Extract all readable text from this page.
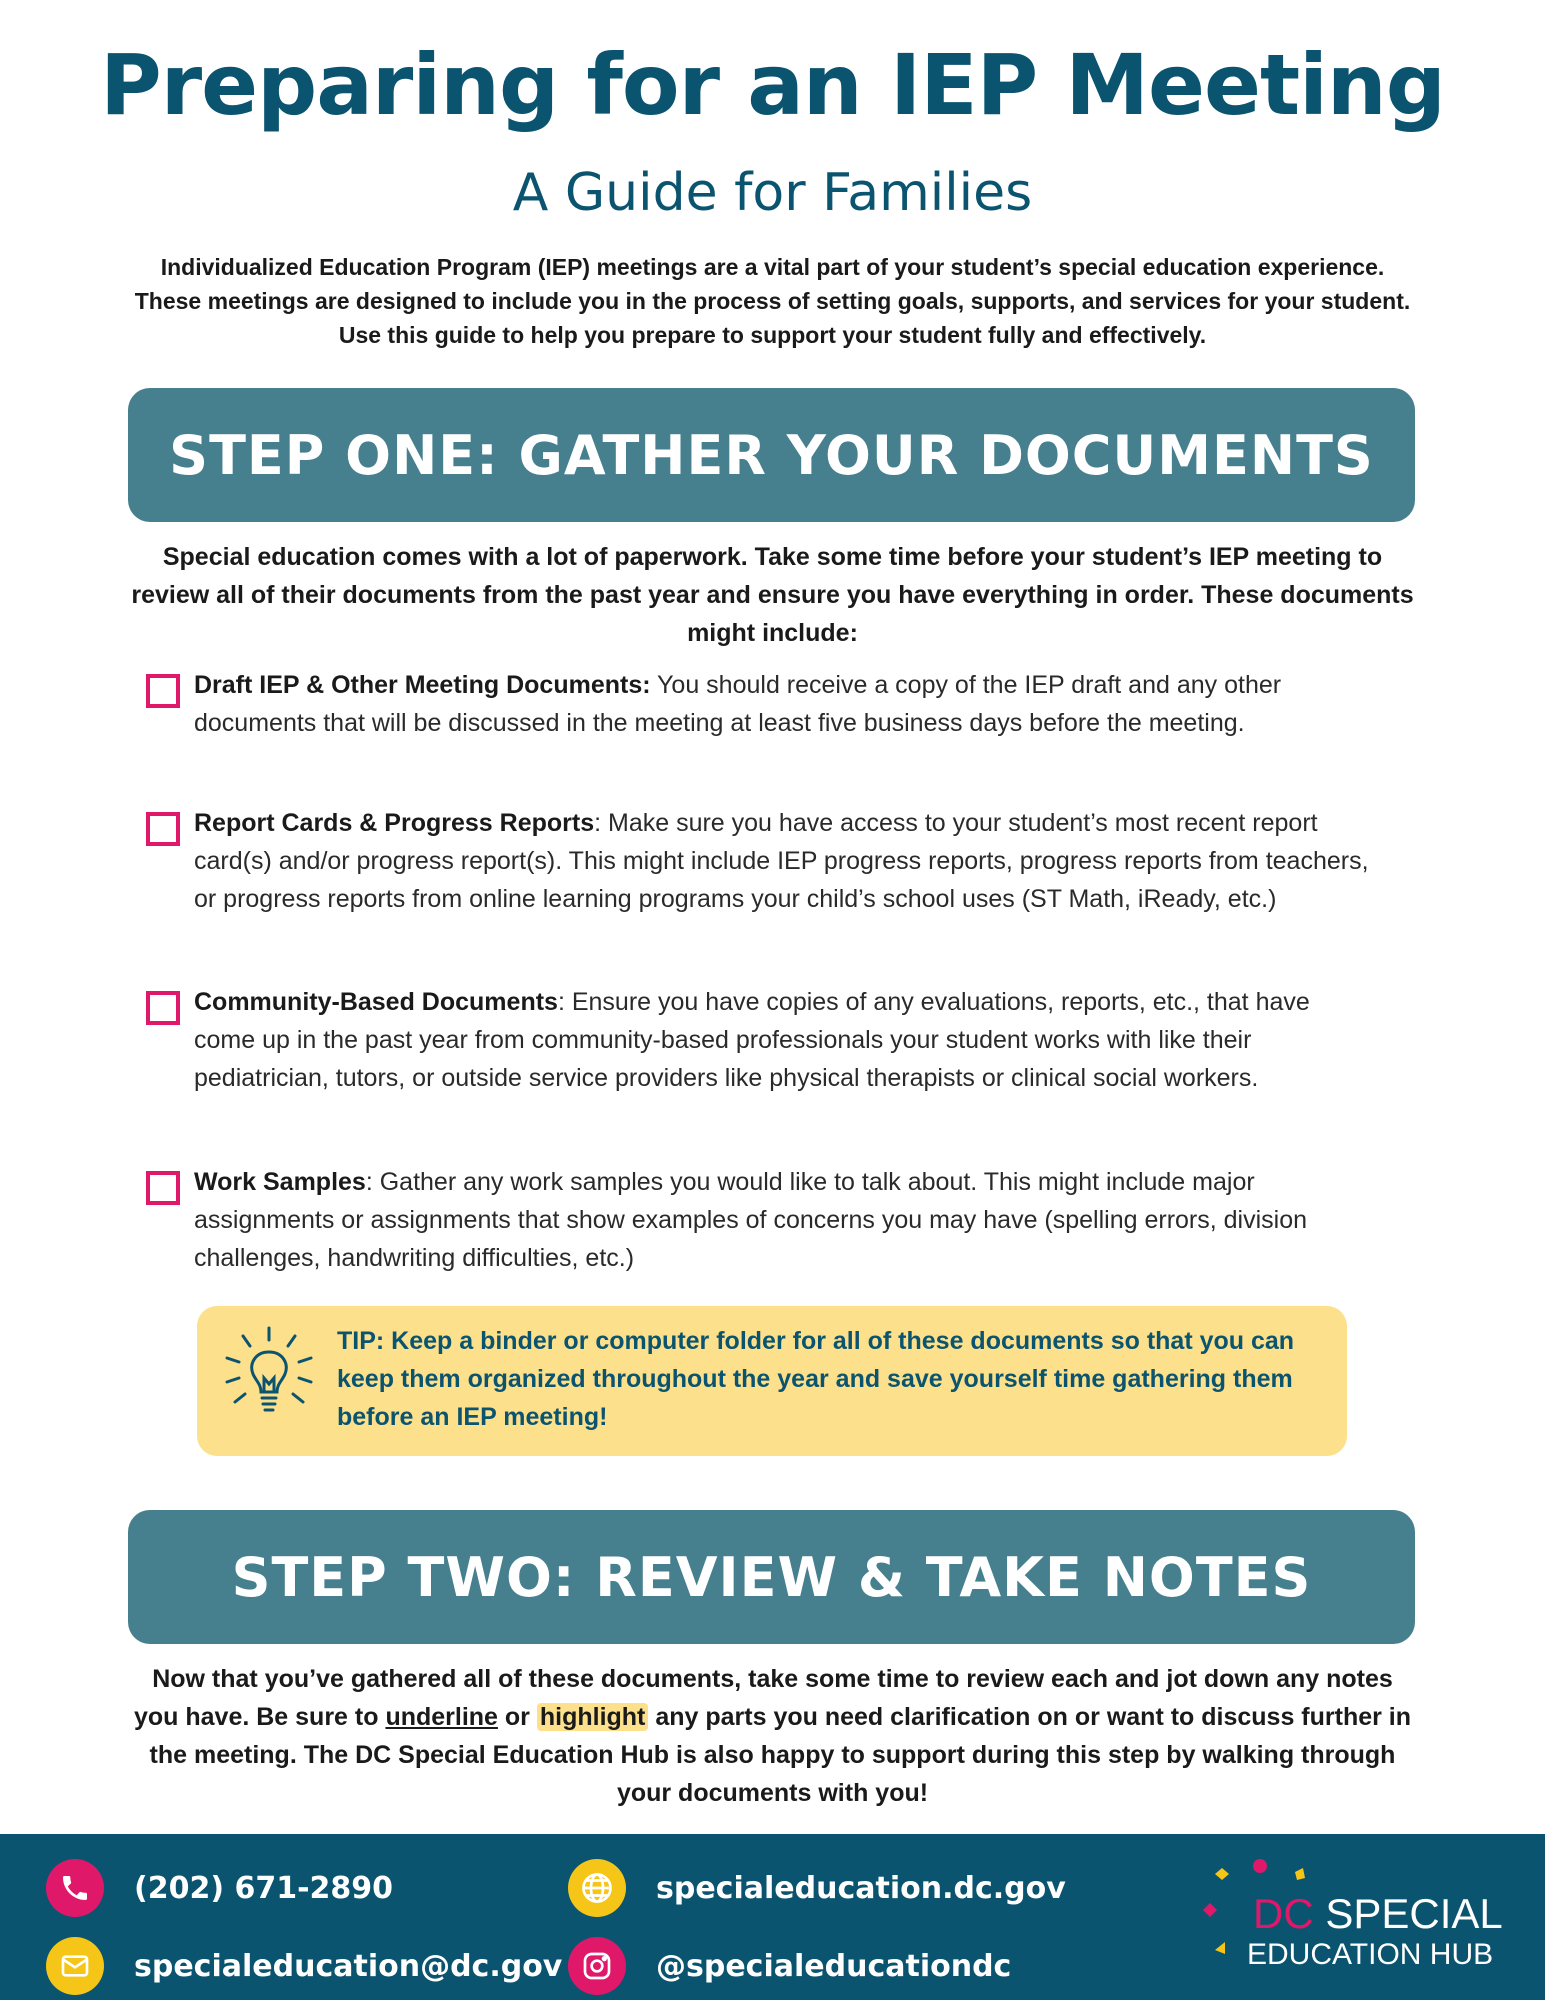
Preparing for an IEP Meeting
A Guide for Families
Individualized Education Program (IEP) meetings are a vital part of your student’s special education experience. These meetings are designed to include you in the process of setting goals, supports, and services for your student. Use this guide to help you prepare to support your student fully and effectively.
STEP ONE: GATHER YOUR DOCUMENTS
Special education comes with a lot of paperwork. Take some time before your student’s IEP meeting to review all of their documents from the past year and ensure you have everything in order. These documents might include:
Draft IEP & Other Meeting Documents: You should receive a copy of the IEP draft and any other documents that will be discussed in the meeting at least five business days before the meeting.
Report Cards & Progress Reports: Make sure you have access to your student’s most recent report card(s) and/or progress report(s). This might include IEP progress reports, progress reports from teachers, or progress reports from online learning programs your child’s school uses (ST Math, iReady, etc.)
Community-Based Documents: Ensure you have copies of any evaluations, reports, etc., that have come up in the past year from community-based professionals your student works with like their pediatrician, tutors, or outside service providers like physical therapists or clinical social workers.
Work Samples: Gather any work samples you would like to talk about. This might include major assignments or assignments that show examples of concerns you may have (spelling errors, division challenges, handwriting difficulties, etc.)
TIP: Keep a binder or computer folder for all of these documents so that you can keep them organized throughout the year and save yourself time gathering them before an IEP meeting!
STEP TWO: REVIEW & TAKE NOTES
Now that you’ve gathered all of these documents, take some time to review each and jot down any notes you have. Be sure to underline or highlight any parts you need clarification on or want to discuss further in the meeting. The DC Special Education Hub is also happy to support during this step by walking through your documents with you!
(202) 671-2890	specialeducation.dc.gov
specialeducation@dc.gov	@specialeducationdc
DC SPECIAL
EDUCATION HUB
